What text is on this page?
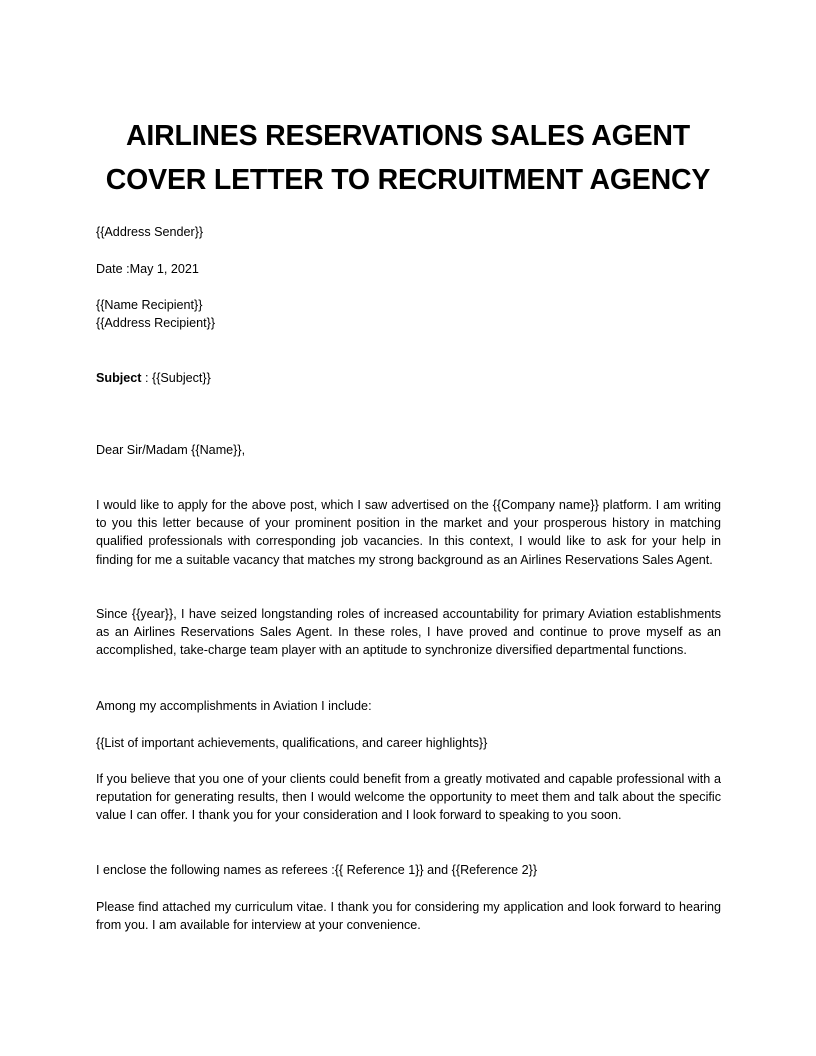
AIRLINES RESERVATIONS SALES AGENT
COVER LETTER TO RECRUITMENT AGENCY

{{Address Sender}}

Date :May 1, 2021

{{Name Recipient}}

{{Address Recipient}}

Subject : {{Subject}}

Dear Sir/Madam {{Name}},

I would like to apply for the above post, which I saw advertised on the {{Company name}} platform. I am writing to you this letter because of your prominent position in the market and your prosperous history in matching qualified professionals with corresponding job vacancies. In this context, I would like to ask for your help in finding for me a suitable vacancy that matches my strong background as an Airlines Reservations Sales Agent.

Since {{year}}, I have seized longstanding roles of increased accountability for primary Aviation establishments as an Airlines Reservations Sales Agent. In these roles, I have proved and continue to prove myself as an accomplished, take-charge team player with an aptitude to synchronize diversified departmental functions.

Among my accomplishments in Aviation I include:

{{List of important achievements, qualifications, and career highlights}}

If you believe that you one of your clients could benefit from a greatly motivated and capable professional with a reputation for generating results, then I would welcome the opportunity to meet them and talk about the specific value I can offer. I thank you for your consideration and I look forward to speaking to you soon.

I enclose the following names as referees :{{ Reference 1}} and {{Reference 2}}

Please find attached my curriculum vitae. I thank you for considering my application and look forward to hearing from you. I am available for interview at your convenience.
